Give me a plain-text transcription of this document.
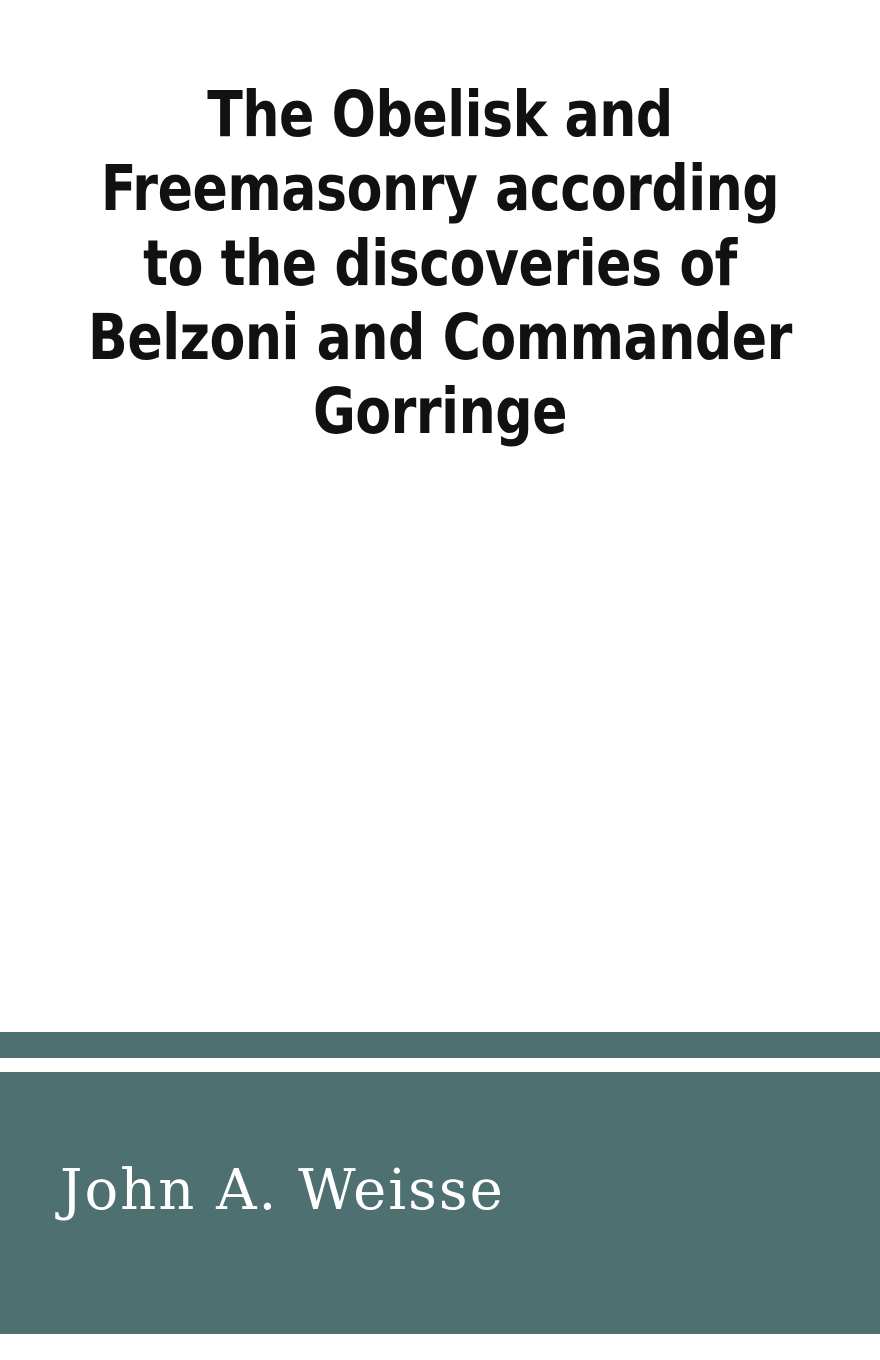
The Obelisk and Freemasonry according to the discoveries of Belzoni and Commander Gorringe
John A. Weisse
